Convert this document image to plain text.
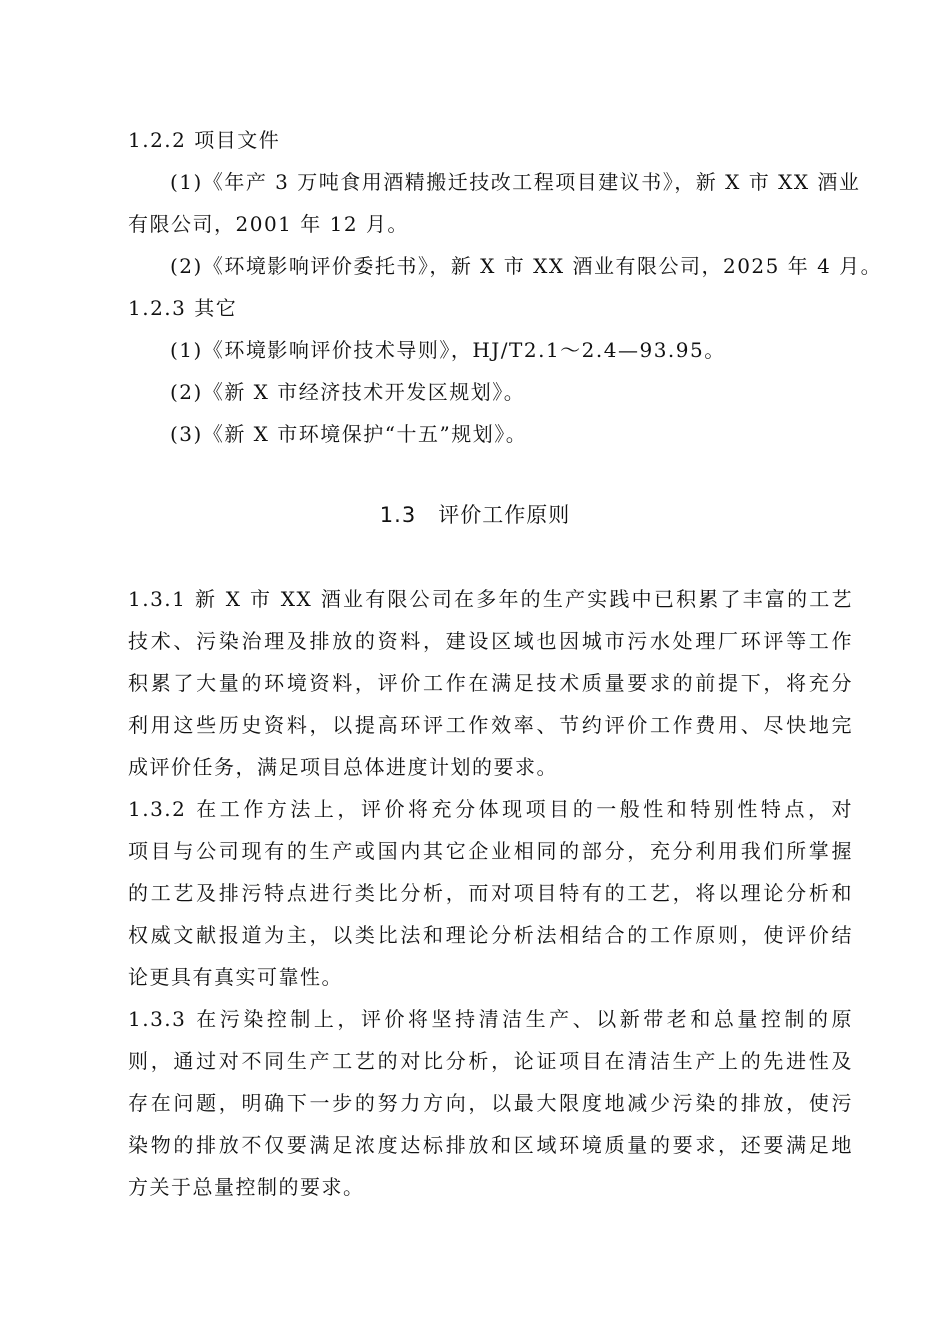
1.2.2 项目文件
(1)《年产 3 万吨食用酒精搬迁技改工程项目建议书》，新 X 市 XX 酒业
有限公司，2001 年 12 月。
(2)《环境影响评价委托书》，新 X 市 XX 酒业有限公司，2025 年 4 月。
1.2.3 其它
(1)《环境影响评价技术导则》，HJ/T2.1～2.4—93.95。
(2)《新 X 市经济技术开发区规划》。
(3)《新 X 市环境保护“十五”规划》。
1.3 评价工作原则
1.3.1 新 X 市 XX 酒业有限公司在多年的生产实践中已积累了丰富的工艺
技术、污染治理及排放的资料，建设区域也因城市污水处理厂环评等工作
积累了大量的环境资料，评价工作在满足技术质量要求的前提下，将充分
利用这些历史资料，以提高环评工作效率、节约评价工作费用、尽快地完
成评价任务，满足项目总体进度计划的要求。
1.3.2 在工作方法上，评价将充分体现项目的一般性和特别性特点，对
项目与公司现有的生产或国内其它企业相同的部分，充分利用我们所掌握
的工艺及排污特点进行类比分析，而对项目特有的工艺，将以理论分析和
权威文献报道为主，以类比法和理论分析法相结合的工作原则，使评价结
论更具有真实可靠性。
1.3.3 在污染控制上，评价将坚持清洁生产、以新带老和总量控制的原
则，通过对不同生产工艺的对比分析，论证项目在清洁生产上的先进性及
存在问题，明确下一步的努力方向，以最大限度地减少污染的排放，使污
染物的排放不仅要满足浓度达标排放和区域环境质量的要求，还要满足地
方关于总量控制的要求。
